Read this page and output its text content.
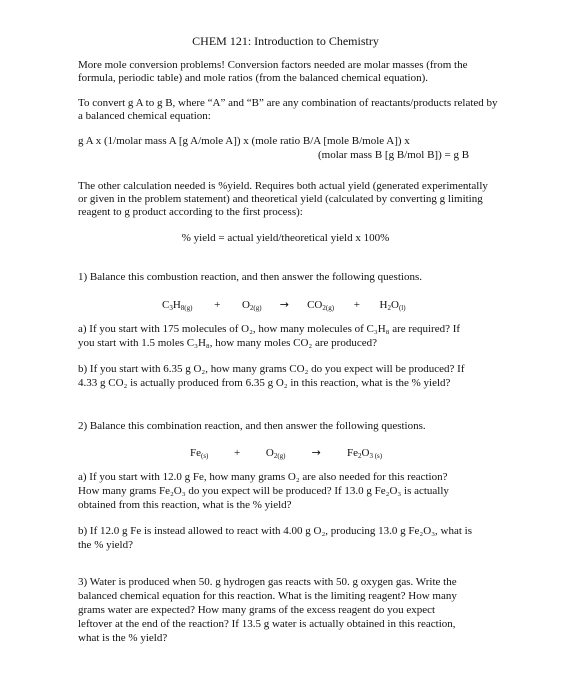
CHEM 121: Introduction to Chemistry

More mole conversion problems! Conversion factors needed are molar masses (from the formula, periodic table) and mole ratios (from the balanced chemical equation).

To convert g A to g B, where “A” and “B” are any combination of reactants/products related by a balanced chemical equation:

g A x (1/molar mass A [g A/mole A]) x (mole ratio B/A [mole B/mole A]) x
(molar mass B [g B/mol B]) = g B

The other calculation needed is %yield. Requires both actual yield (generated experimentally or given in the problem statement) and theoretical yield (calculated by converting g limiting reagent to g product according to the first process):

% yield = actual yield/theoretical yield x 100%
1) Balance this combustion reaction, and then answer the following questions.
$C_3H_{8(g)} + O_{2(g)} \to CO_{2(g)} + H_2O_{(l)}$
a) If you start with 175 molecules of O₂, how many molecules of C₃H₈ are required? If
you start with 1.5 moles C₃H₈, how many moles CO₂ are produced?
b) If you start with 6.35 g O₂, how many grams CO₂ do you expect will be produced? If
4.33 g CO₂ is actually produced from 6.35 g O₂ in this reaction, what is the % yield?
2) Balance this combination reaction, and then answer the following questions.
$Fe_{(s)} + O_{2(g)} \to Fe_2O_{3 (s)}$
a) If you start with 12.0 g Fe, how many grams O₂ are also needed for this reaction?
How many grams Fe₂O₃ do you expect will be produced? If 13.0 g Fe₂O₃ is actually
obtained from this reaction, what is the % yield?
b) If 12.0 g Fe is instead allowed to react with 4.00 g O₂, producing 13.0 g Fe₂O₃, what is
the % yield?
3) Water is produced when 50. g hydrogen gas reacts with 50. g oxygen gas. Write the
balanced chemical equation for this reaction. What is the limiting reagent? How many
grams water are expected? How many grams of the excess reagent do you expect
leftover at the end of the reaction? If 13.5 g water is actually obtained in this reaction,
what is the % yield?
